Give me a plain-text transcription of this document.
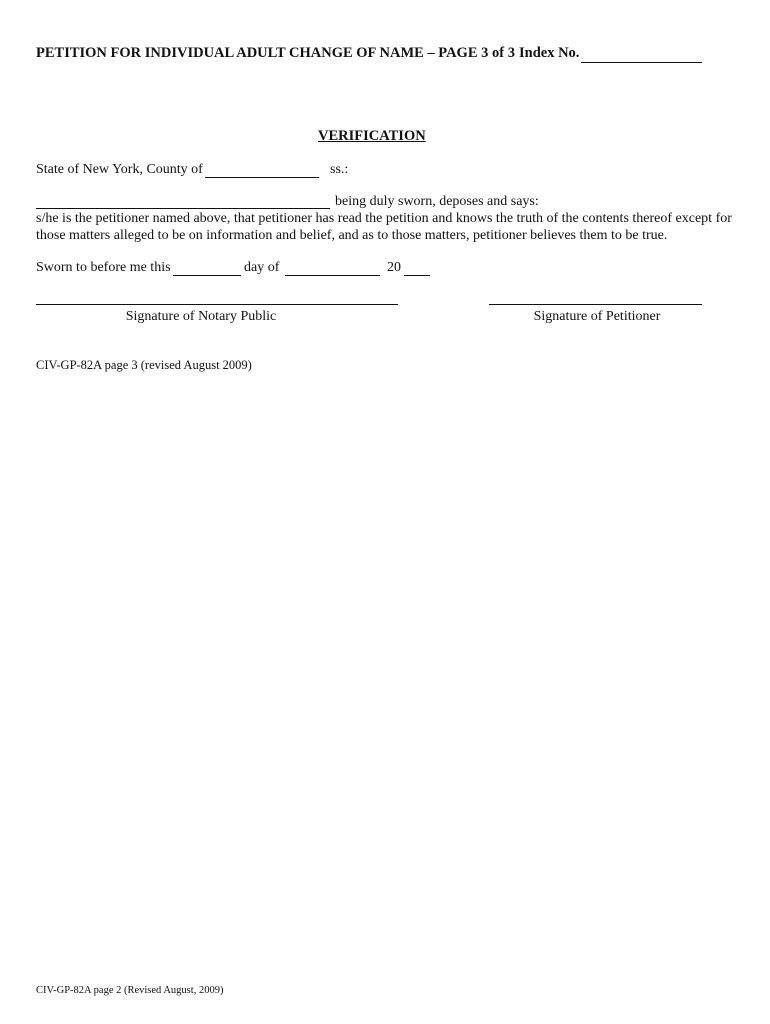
PETITION FOR INDIVIDUAL ADULT CHANGE OF NAME – PAGE 3 of 3 Index No.
VERIFICATION
State of New York, County of	ss.:
being duly sworn, deposes and says:
s/he is the petitioner named above, that petitioner has read the petition and knows the truth of the contents thereof except for
those matters alleged to be on information and belief, and as to those matters, petitioner believes them to be true.
Sworn to before me this	day of	20
Signature of Notary Public	Signature of Petitioner
CIV-GP-82A page 3 (revised August 2009)
CIV-GP-82A page 2 (Revised August, 2009)
